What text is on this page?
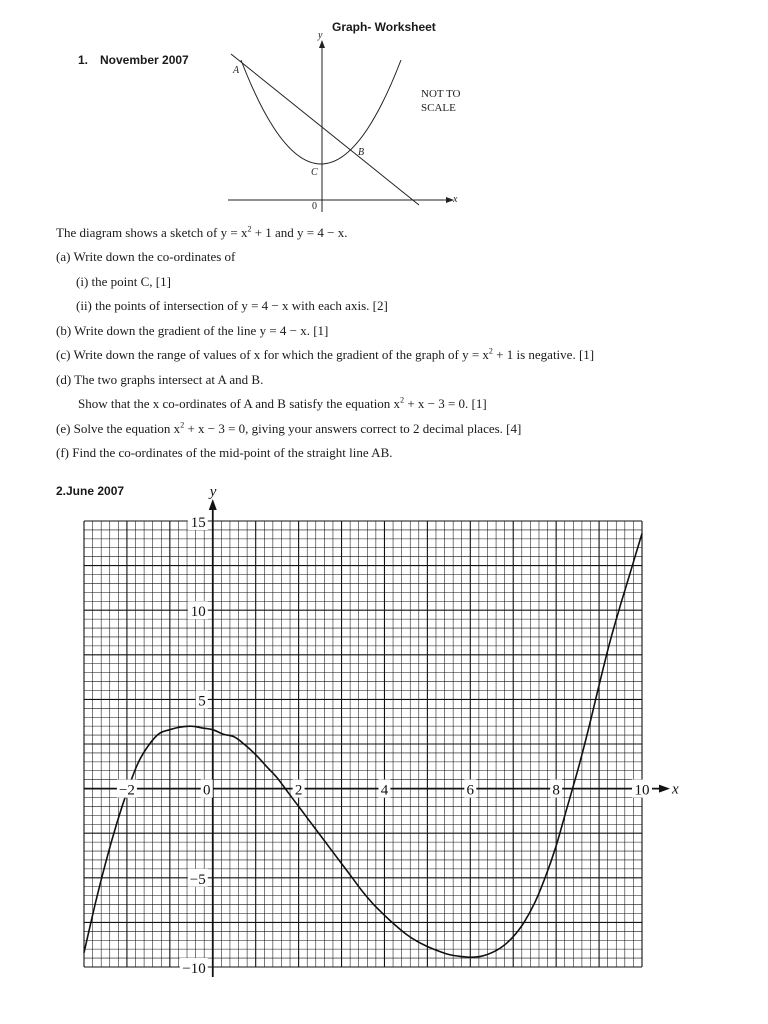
Graph- Worksheet
1. November 2007
y
x
0
A
B
C
NOT TO
SCALE
The diagram shows a sketch of $y = x^2 + 1$ and y = 4 − x.
(a) Write down the co-ordinates of
(i) the point C, [1]
(ii) the points of intersection of y = 4 − x with each axis. [2]
(b) Write down the gradient of the line y = 4 − x. [1]
(c) Write down the range of values of x for which the gradient of the graph of $y = x^2 + 1$ is negative. [1]
(d) The two graphs intersect at A and B.
Show that the x co-ordinates of A and B satisfy the equation $x^2 + x - 3 = 0$. [1]
(e) Solve the equation $x^2 + x - 3 = 0$, giving your answers correct to 2 decimal places. [4]
(f) Find the co-ordinates of the mid-point of the straight line AB.
2.June 2007	y
x
−2	0	2	4	6	8	10
15
10
5
−5
−10
